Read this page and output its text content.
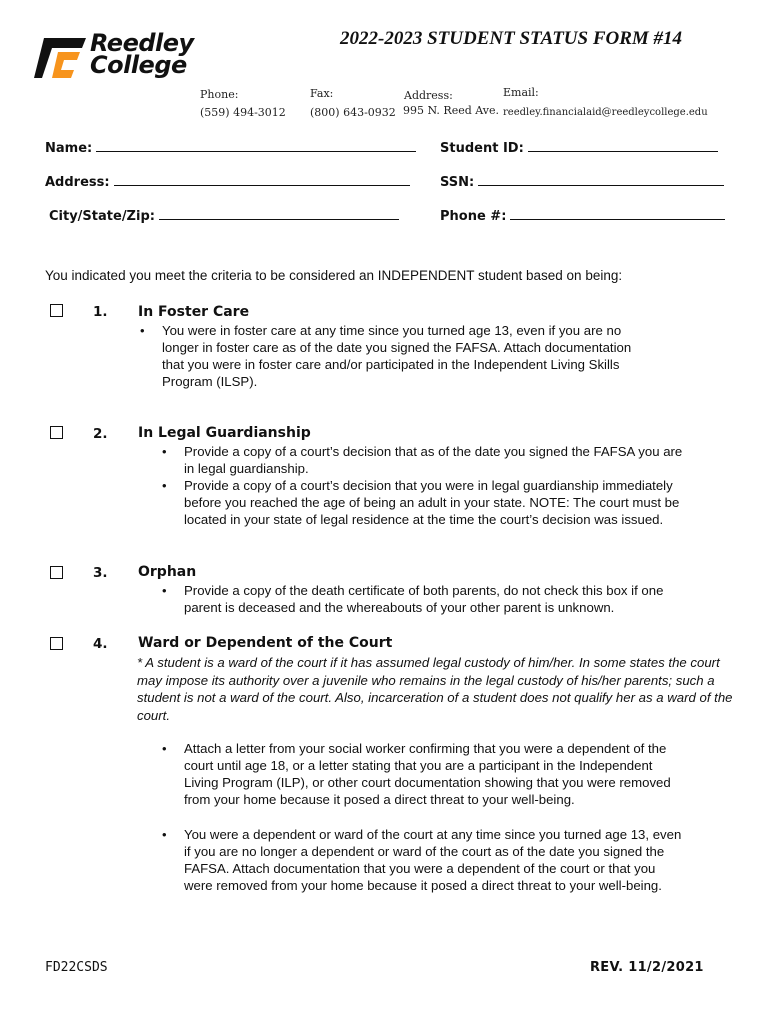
Reedley
College
2022-2023 STUDENT STATUS FORM #14
Phone:
(559) 494-3012
Fax:
(800) 643-0932
Address:
995 N. Reed Ave.
Email:
reedley.financialaid@reedleycollege.edu
Name:	Student ID:
Address:	SSN:
City/State/Zip:	Phone #:
You indicated you meet the criteria to be considered an INDEPENDENT student based on being:
1. In Foster Care
• You were in foster care at any time since you turned age 13, even if you are no longer in foster care as of the date you signed the FAFSA. Attach documentation that you were in foster care and/or participated in the Independent Living Skills Program (ILSP).
2. In Legal Guardianship
• Provide a copy of a court’s decision that as of the date you signed the FAFSA you are in legal guardianship.
• Provide a copy of a court’s decision that you were in legal guardianship immediately before you reached the age of being an adult in your state. NOTE: The court must be located in your state of legal residence at the time the court’s decision was issued.
3. Orphan
• Provide a copy of the death certificate of both parents, do not check this box if one parent is deceased and the whereabouts of your other parent is unknown.
4. Ward or Dependent of the Court
* A student is a ward of the court if it has assumed legal custody of him/her. In some states the court may impose its authority over a juvenile who remains in the legal custody of his/her parents; such a student is not a ward of the court. Also, incarceration of a student does not qualify her as a ward of the court.
• Attach a letter from your social worker confirming that you were a dependent of the court until age 18, or a letter stating that you are a participant in the Independent Living Program (ILP), or other court documentation showing that you were removed from your home because it posed a direct threat to your well-being.
• You were a dependent or ward of the court at any time since you turned age 13, even if you are no longer a dependent or ward of the court as of the date you signed the FAFSA. Attach documentation that you were a dependent of the court or that you were removed from your home because it posed a direct threat to your well-being.
FD22CSDS	REV. 11/2/2021
